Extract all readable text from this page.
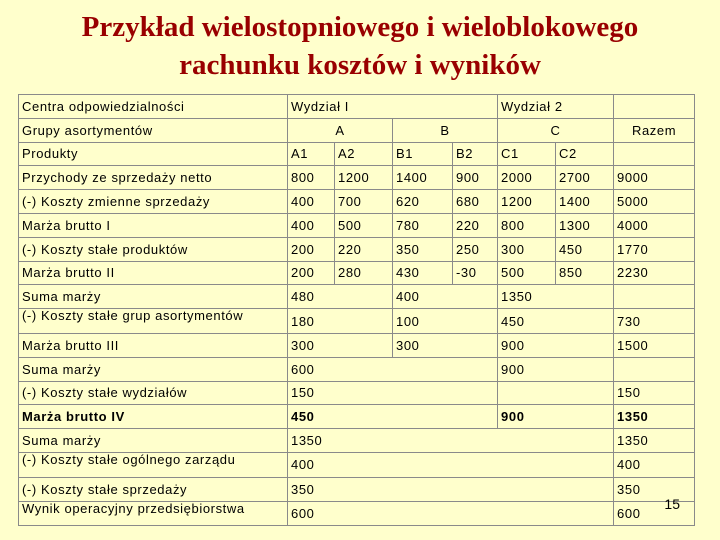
Przykład wielostopniowego i wieloblokowego
rachunku kosztów i wyników
Centra odpowiedzialności	Wydział I				Wydział 2		
Grupy asortymentów	A		B		C		Razem
Produkty	A1	A2	B1	B2	C1	C2	
Przychody ze sprzedaży netto	800	1200	1400	900	2000	2700	9000
(-) Koszty zmienne sprzedaży	400	700	620	680	1200	1400	5000
Marża brutto I	400	500	780	220	800	1300	4000
(-) Koszty stałe produktów	200	220	350	250	300	450	1770
Marża brutto II	200	280	430	-30	500	850	2230
Suma marży	480		400		1350		
(-) Koszty stałe grup asortymentów	180		100		450		730
Marża brutto III	300		300		900		1500
Suma marży	600				900		
(-) Koszty stałe wydziałów	150						150
Marża brutto IV	450				900		1350
Suma marży	1350						1350
(-) Koszty stałe ogólnego zarządu	400						400
(-) Koszty stałe sprzedaży	350						350
Wynik operacyjny przedsiębiorstwa	600						600
15
